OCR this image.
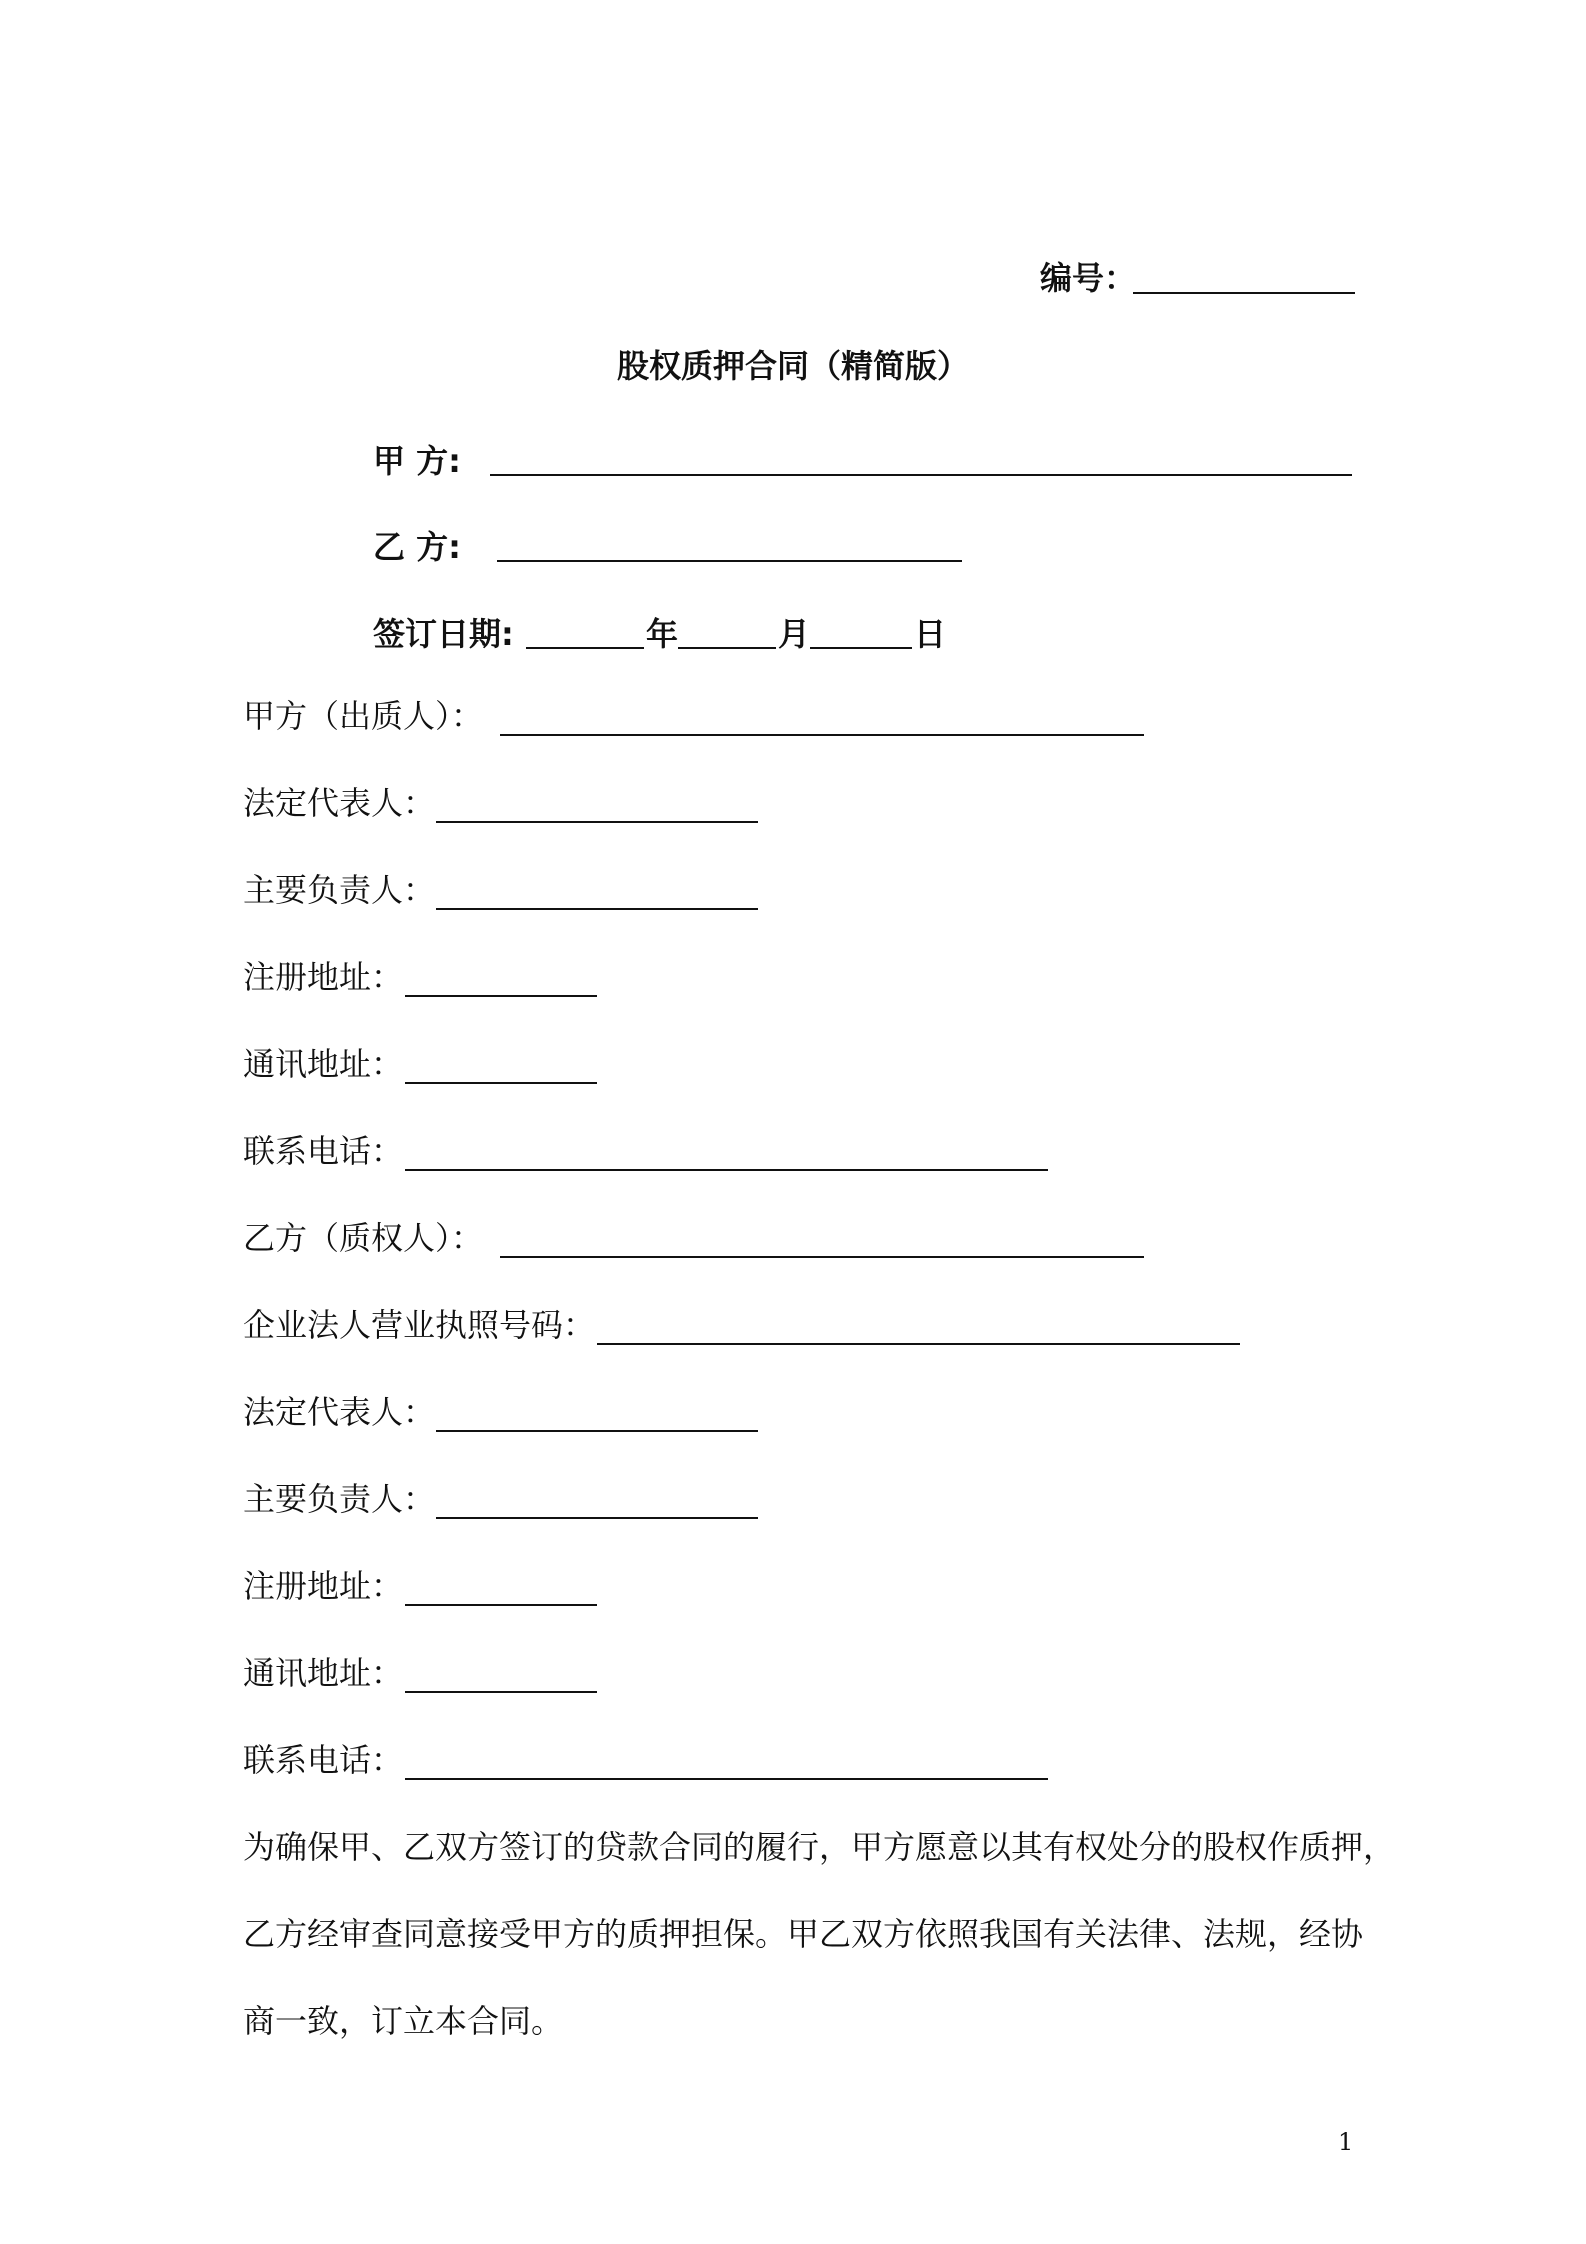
编号：
股权质押合同（精简版）
甲 方:
乙 方:
签订日期:	年	月	日
甲方（出质人）：
法定代表人：
主要负责人：
注册地址：
通讯地址：
联系电话：
乙方（质权人）：
企业法人营业执照号码：
法定代表人：
主要负责人：
注册地址：
通讯地址：
联系电话：
为确保甲、乙双方签订的贷款合同的履行，甲方愿意以其有权处分的股权作质押，
乙方经审查同意接受甲方的质押担保。甲乙双方依照我国有关法律、法规，经协
商一致，订立本合同。
1
